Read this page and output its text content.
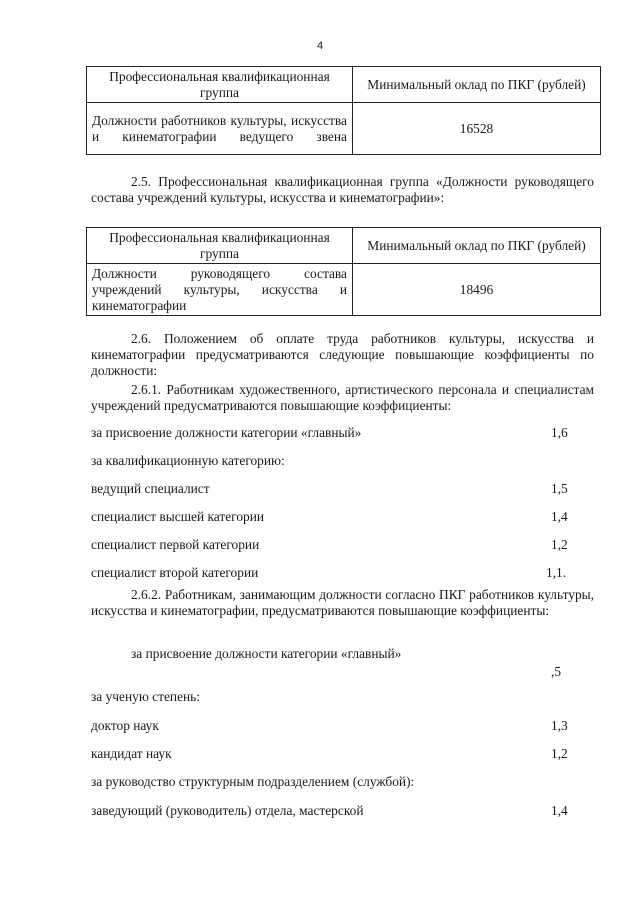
4
Профессиональная квалификационная группа	Минимальный оклад по ПКГ (рублей)
Должности работников культуры, искусства и кинематографии ведущего звена	16528
2.5. Профессиональная квалификационная группа «Должности руководящего состава учреждений культуры, искусства и кинематографии»:
Профессиональная квалификационная группа	Минимальный оклад по ПКГ (рублей)
Должности руководящего состава учреждений культуры, искусства и кинематографии	18496
2.6. Положением об оплате труда работников культуры, искусства и кинематографии предусматриваются следующие повышающие коэффициенты по должности:
2.6.1. Работникам художественного, артистического персонала и специалистам учреждений предусматриваются повышающие коэффициенты:
за присвоение должности категории «главный»	1,6
за квалификационную категорию:
ведущий специалист	1,5
специалист высшей категории	1,4
специалист первой категории	1,2
специалист второй категории	1,1.
2.6.2. Работникам, занимающим должности согласно ПКГ работников культуры, искусства и кинематографии, предусматриваются повышающие коэффициенты:
за присвоение должности категории «главный»
,5
за ученую степень:
доктор наук	1,3
кандидат наук	1,2
за руководство структурным подразделением (службой):
заведующий (руководитель) отдела, мастерской	1,4
